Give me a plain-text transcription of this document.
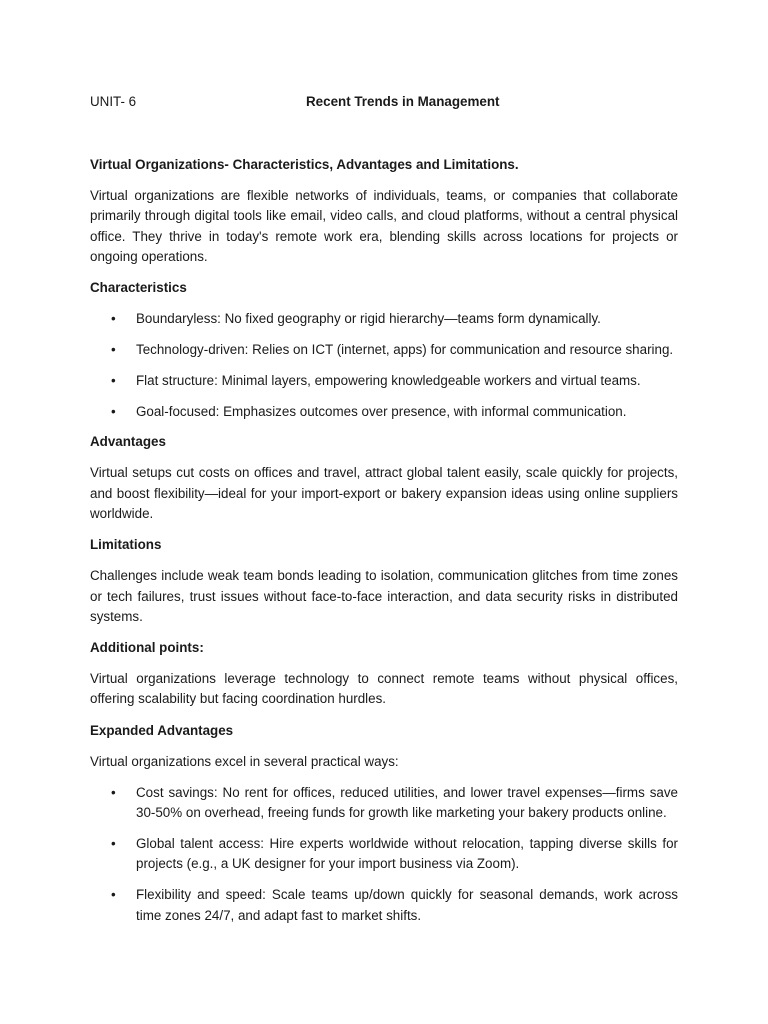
UNIT- 6	Recent Trends in Management
Virtual Organizations- Characteristics, Advantages and Limitations.
Virtual organizations are flexible networks of individuals, teams, or companies that collaborate primarily through digital tools like email, video calls, and cloud platforms, without a central physical office. They thrive in today's remote work era, blending skills across locations for projects or ongoing operations.
Characteristics
• Boundaryless: No fixed geography or rigid hierarchy—teams form dynamically.
• Technology-driven: Relies on ICT (internet, apps) for communication and resource sharing.
• Flat structure: Minimal layers, empowering knowledgeable workers and virtual teams.
• Goal-focused: Emphasizes outcomes over presence, with informal communication.
Advantages
Virtual setups cut costs on offices and travel, attract global talent easily, scale quickly for projects, and boost flexibility—ideal for your import-export or bakery expansion ideas using online suppliers worldwide.
Limitations
Challenges include weak team bonds leading to isolation, communication glitches from time zones or tech failures, trust issues without face-to-face interaction, and data security risks in distributed systems.
Additional points:
Virtual organizations leverage technology to connect remote teams without physical offices, offering scalability but facing coordination hurdles.
Expanded Advantages
Virtual organizations excel in several practical ways:
• Cost savings: No rent for offices, reduced utilities, and lower travel expenses—firms save 30-50% on overhead, freeing funds for growth like marketing your bakery products online.
• Global talent access: Hire experts worldwide without relocation, tapping diverse skills for projects (e.g., a UK designer for your import business via Zoom).
• Flexibility and speed: Scale teams up/down quickly for seasonal demands, work across time zones 24/7, and adapt fast to market shifts.
